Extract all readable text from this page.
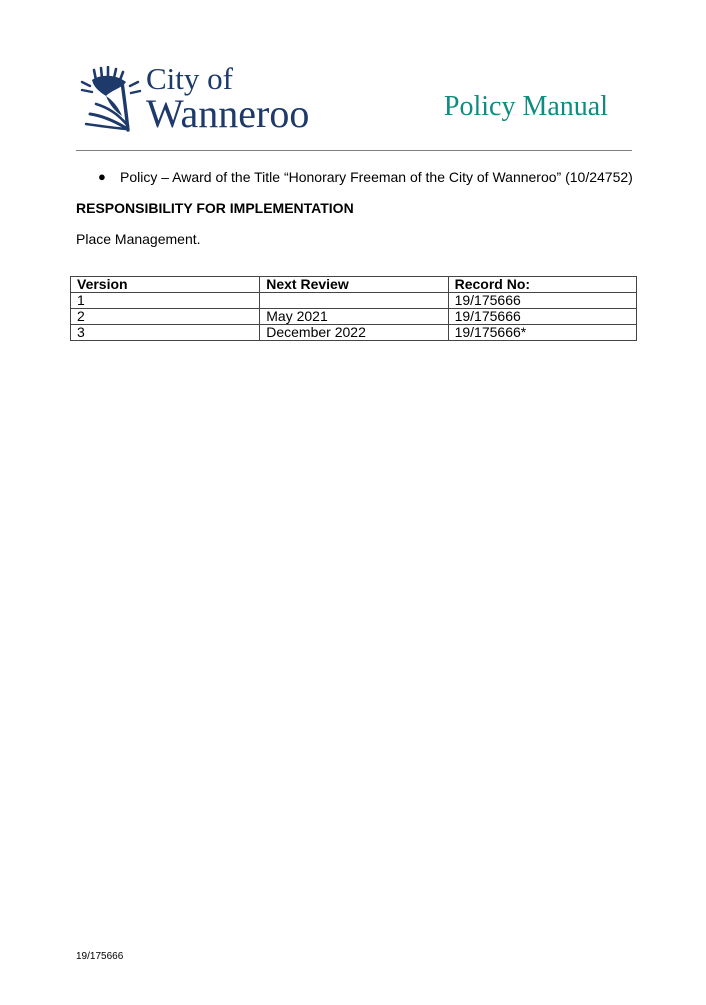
City of
Wanneroo	Policy Manual
● Policy – Award of the Title “Honorary Freeman of the City of Wanneroo” (10/24752)
RESPONSIBILITY FOR IMPLEMENTATION
Place Management.
Version	Next Review	Record No:
1		19/175666
2	May 2021	19/175666
3	December 2022	19/175666*
19/175666
